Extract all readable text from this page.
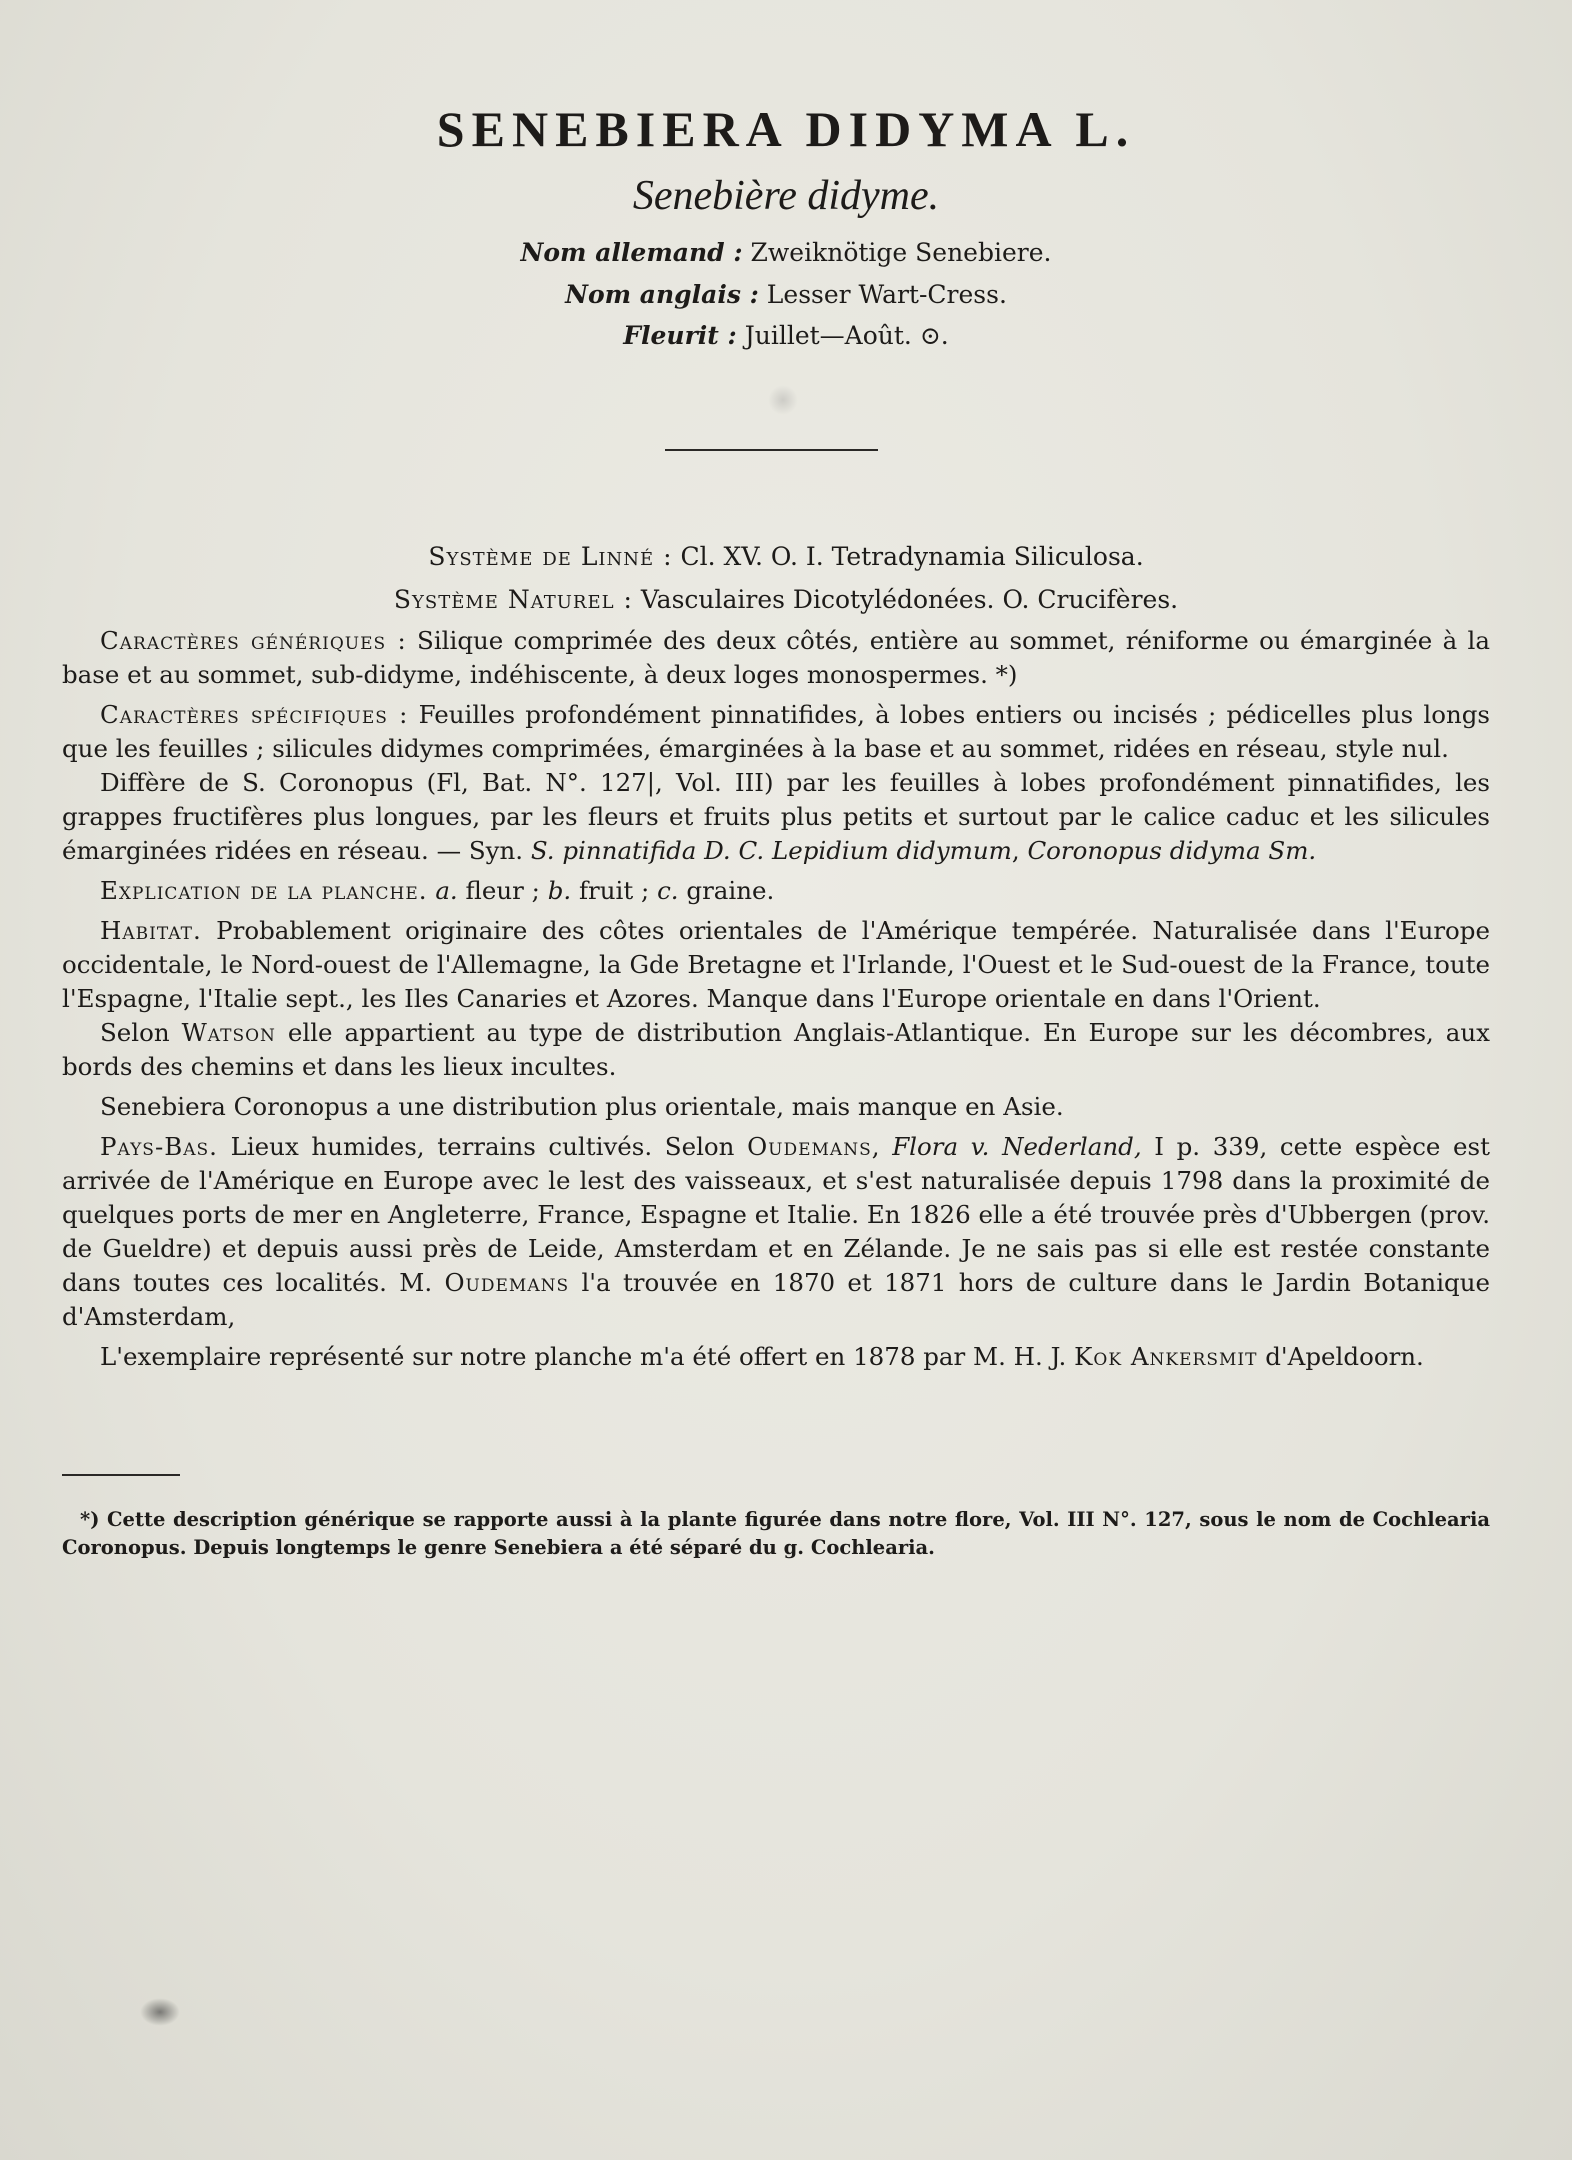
SENEBIERA DIDYMA L.
Senebière didyme.
Nom allemand : Zweiknötige Senebiere.
Nom anglais : Lesser Wart-Cress.
Fleurit : Juillet—Août. ⊙.
Système de Linné : Cl. XV. O. I. Tetradynamia Siliculosa.
Système Naturel : Vasculaires Dicotylédonées. O. Crucifères.

Caractères génériques : Silique comprimée des deux côtés, entière au sommet, réniforme ou émarginée à la base et au sommet, sub-didyme, indéhiscente, à deux loges monospermes. *)

Caractères spécifiques : Feuilles profondément pinnatifides, à lobes entiers ou incisés ; pédicelles plus longs que les feuilles ; silicules didymes comprimées, émarginées à la base et au sommet, ridées en réseau, style nul.

Diffère de S. Coronopus (Fl, Bat. N°. 127|, Vol. III) par les feuilles à lobes profondément pinnatifides, les grappes fructifères plus longues, par les fleurs et fruits plus petits et surtout par le calice caduc et les silicules émarginées ridées en réseau. — Syn. S. pinnatifida D. C. Lepidium didymum, Coronopus didyma Sm.

Explication de la planche. a. fleur ; b. fruit ; c. graine.

Habitat. Probablement originaire des côtes orientales de l'Amérique tempérée. Naturalisée dans l'Europe occidentale, le Nord-ouest de l'Allemagne, la Gde Bretagne et l'Irlande, l'Ouest et le Sud-ouest de la France, toute l'Espagne, l'Italie sept., les Iles Canaries et Azores. Manque dans l'Europe orientale en dans l'Orient.

Selon Watson elle appartient au type de distribution Anglais-Atlantique. En Europe sur les décombres, aux bords des chemins et dans les lieux incultes.

Senebiera Coronopus a une distribution plus orientale, mais manque en Asie.

Pays-Bas. Lieux humides, terrains cultivés. Selon Oudemans, Flora v. Nederland, I p. 339, cette espèce est arrivée de l'Amérique en Europe avec le lest des vaisseaux, et s'est naturalisée depuis 1798 dans la proximité de quelques ports de mer en Angleterre, France, Espagne et Italie. En 1826 elle a été trouvée près d'Ubbergen (prov. de Gueldre) et depuis aussi près de Leide, Amsterdam et en Zélande. Je ne sais pas si elle est restée constante dans toutes ces localités. M. Oudemans l'a trouvée en 1870 et 1871 hors de culture dans le Jardin Botanique d'Amsterdam,

L'exemplaire représenté sur notre planche m'a été offert en 1878 par M. H. J. Kok Ankersmit d'Apeldoorn.

*) Cette description générique se rapporte aussi à la plante figurée dans notre flore, Vol. III N°. 127, sous le nom de Cochlearia Coronopus. Depuis longtemps le genre Senebiera a été séparé du g. Cochlearia.
